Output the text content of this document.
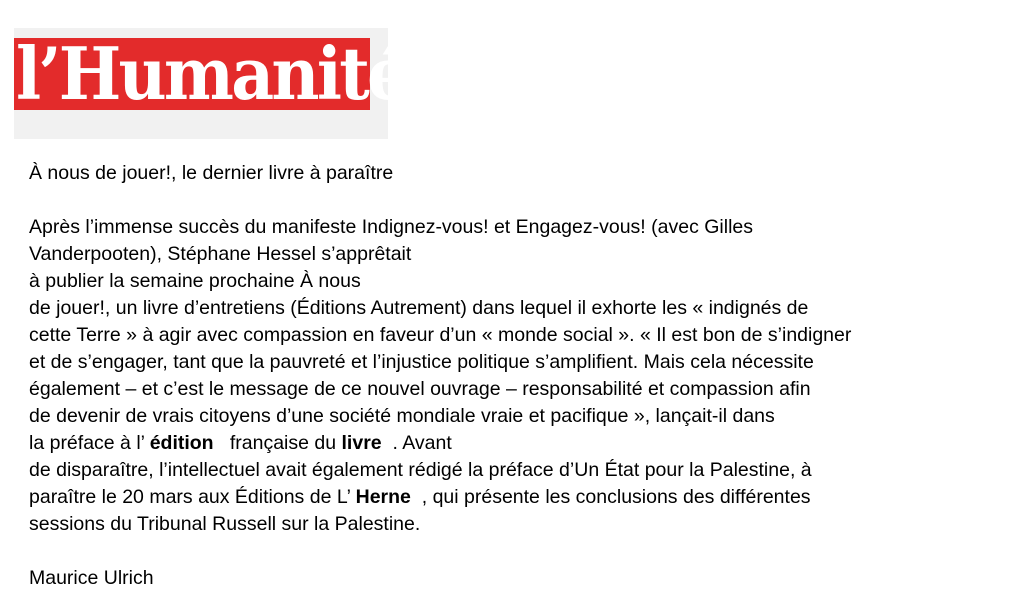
l’Humanité
À nous de jouer!, le dernier livre à paraître
Après l’immense succès du manifeste Indignez-vous! et Engagez-vous! (avec Gilles
Vanderpooten), Stéphane Hessel s’apprêtait
à publier la semaine prochaine À nous
de jouer!, un livre d’entretiens (Éditions Autrement) dans lequel il exhorte les « indignés de
cette Terre » à agir avec compassion en faveur d’un « monde social ». « Il est bon de s’indigner
et de s’engager, tant que la pauvreté et l’injustice politique s’amplifient. Mais cela nécessite
également – et c’est le message de ce nouvel ouvrage – responsabilité et compassion afin
de devenir de vrais citoyens d’une société mondiale vraie et pacifique », lançait-il dans
la préface à l’ édition   française du livre  . Avant
de disparaître, l’intellectuel avait également rédigé la préface d’Un État pour la Palestine, à
paraître le 20 mars aux Éditions de L’ Herne  , qui présente les conclusions des différentes
sessions du Tribunal Russell sur la Palestine.
Maurice Ulrich
